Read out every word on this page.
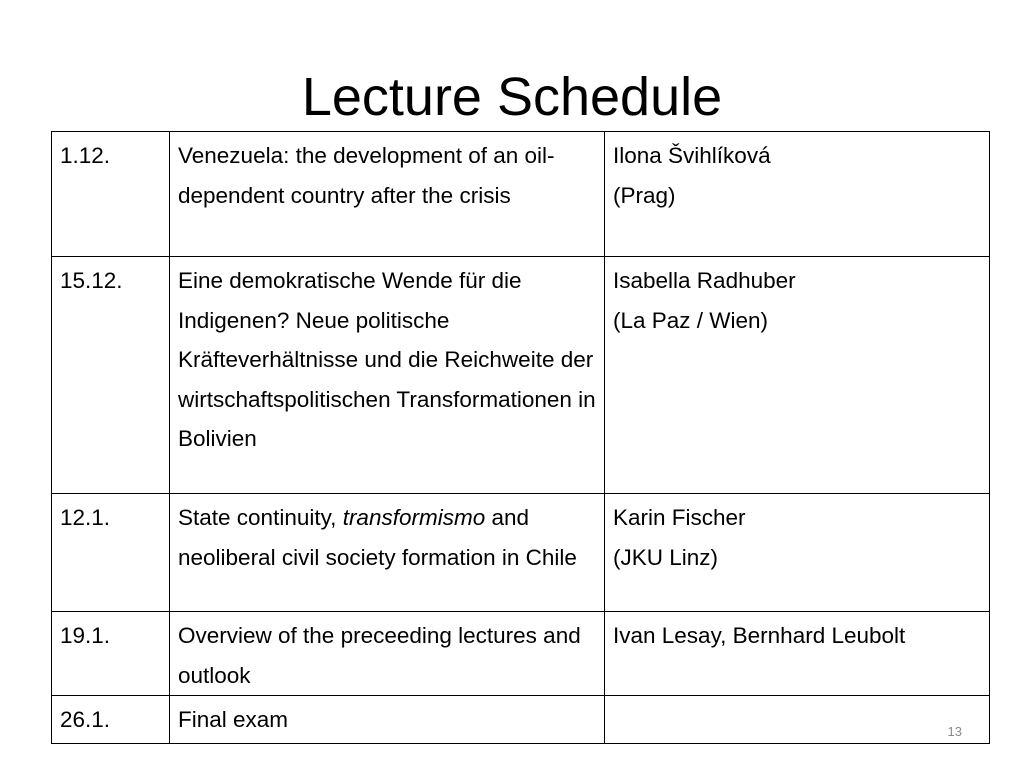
Lecture Schedule
1.12.	Venezuela: the development of an oil-dependent country after the crisis	Ilona Švihlíková
(Prag)

15.12.	Eine demokratische Wende für die Indigenen? Neue politische Kräfteverhältnisse und die Reichweite der wirtschaftspolitischen Transformationen in Bolivien	Isabella Radhuber
(La Paz / Wien)

12.1.	State continuity, transformismo and neoliberal civil society formation in Chile	Karin Fischer
(JKU Linz)

19.1.	Overview of the preceeding lectures and outlook	Ivan Lesay, Bernhard Leubolt

26.1.	Final exam		13
